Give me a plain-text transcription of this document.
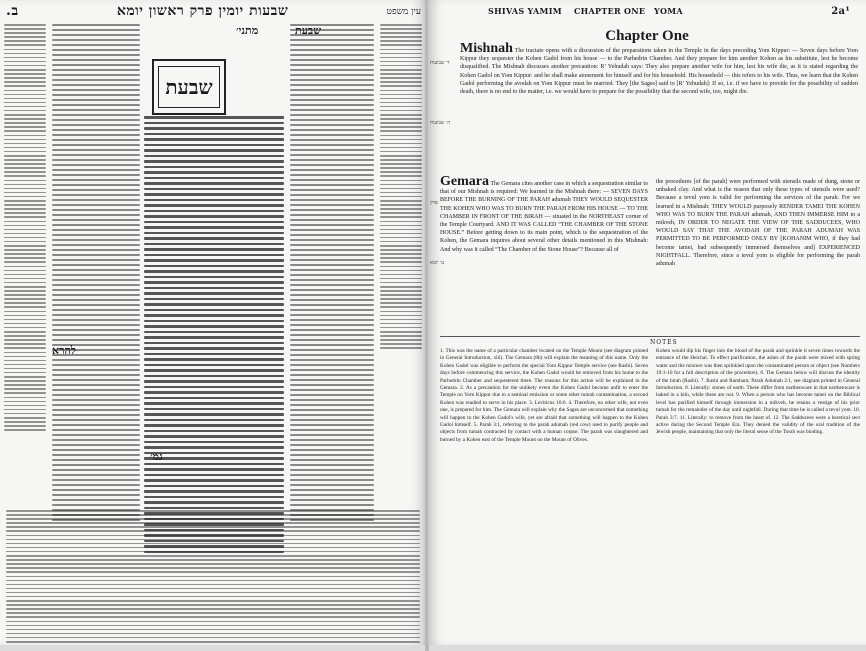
עין משפט
שבעות יומין פרק ראשון יומא
ב.
שבעת
מתני׳
גמ׳
להרא
שבעת
SHIVAS YAMIM CHAPTER ONE YOMA	2a¹
Chapter One
ד׳ שבועות
ה׳ שבועות
פרק
ט׳ יומא
Mishnah The tractate opens with a discussion of the preparations taken in the Temple in the days preceding Yom Kippur: — Seven days before Yom Kippur they sequester the Kohen Gadol from his house — to the Parhedrin Chamber. And they prepare for him another Kohen as his substitute, lest he become disqualified. The Mishnah discusses another precaution: R’ Yehudah says: They also prepare another wife for him, lest his wife die, as it is stated regarding the Kohen Gadol on Yom Kippur: and he shall make atonement for himself and for his household. His household — this refers to his wife. Thus, we learn that the Kohen Gadol performing the avodah on Yom Kippur must be married. They [the Sages] said to [R’ Yehudah]: If so, i.e. if we have to provide for the possibility of sudden death, there is no end to the matter, i.e. we would have to prepare for the possibility that the second wife, too, might die.
Gemara The Gemara cites another case in which a sequestration similar to that of our Mishnah is required: We learned in the Mishnah there: — SEVEN DAYS BEFORE THE BURNING OF THE PARAH adumah THEY WOULD SEQUESTER THE KOHEN WHO WAS TO BURN THE PARAH FROM HIS HOUSE — TO THE CHAMBER IN FRONT OF THE BIRAH — situated in the NORTHEAST corner of the Temple Courtyard. AND IT WAS CALLED “THE CHAMBER OF THE STONE HOUSE.” Before getting down to its main point, which is the sequestration of the Kohen, the Gemara inquires about several other details mentioned in this Mishnah: And why was it called “The Chamber of the Stone House”? Because all of
the procedures [of the parah] were performed with utensils made of dung, stone or unbaked clay. And what is the reason that only these types of utensils were used? Because a tevul yom is valid for performing the services of the parah. For we learned in a Mishnah: THEY WOULD purposely RENDER TAMEI THE KOHEN WHO WAS TO BURN THE PARAH adumah, AND THEN IMMERSE HIM in a mikveh, IN ORDER TO NEGATE THE VIEW OF THE SADDUCEES, WHO WOULD SAY THAT THE AVODAH OF THE PARAH ADUMAH WAS PERMITTED TO BE PERFORMED ONLY BY [KOHANIM WHO, if they had become tamei, had subsequently immersed themselves and] EXPERIENCED NIGHTFALL. Therefore, since a tevul yom is eligible for performing the parah adumah
NOTES
1. This was the name of a particular chamber located on the Temple Mount (see diagram printed in General Introduction, xlii). The Gemara (8b) will explain the meaning of this name. Only the Kohen Gadol was eligible to perform the special Yom Kippur Temple service (see Rashi). Seven days before commencing this service, the Kohen Gadol would be removed from his home to the Parhedrin Chamber and sequestered there. The reasons for this action will be explained in the Gemara. 2. As a precaution for the unlikely event the Kohen Gadol become unfit to enter the Temple on Yom Kippur due to a seminal emission or some other tumah contamination, a second Kohen was readied to serve in his place. 3. Leviticus 16:6. 4. Therefore, no other wife, not even one, is prepared for him. The Gemara will explain why the Sages are unconcerned that something will happen to the Kohen Gadol's wife, yet are afraid that something will happen to the Kohen Gadol himself. 5. Parah 3:1, referring to the parah adumah (red cow) used to purify people and objects from tumah contracted by contact with a human corpse. The parah was slaughtered and burned by a Kohen east of the Temple Mount on the Mount of Olives.
Kohen would dip his finger into the blood of the parah and sprinkle it seven times towards the entrance of the Heichal. To effect purification, the ashes of the parah were mixed with spring water and the mixture was then sprinkled upon the contaminated person or object (see Numbers 19:1-10 for a full description of the procedure). 6. The Gemara below will discuss the identity of the birah (Rashi). 7. Rashi and Rambam; Parah Adumah 2:1, see diagram printed in General Introduction. 8. Literally: stones of earth. These differ from earthenware in that earthenware is baked in a kiln, while these are not. 9. When a person who has become tamei on the Biblical level has purified himself through immersion in a mikveh, he retains a vestige of his prior tumah for the remainder of the day until nightfall. During that time he is called a tevul yom. 10. Parah 3:7. 11. Literally: to remove from the heart of. 12. The Sadducees were a heretical sect active during the Second Temple Era. They denied the validity of the oral tradition of the Jewish people, maintaining that only the literal sense of the Torah was binding.
